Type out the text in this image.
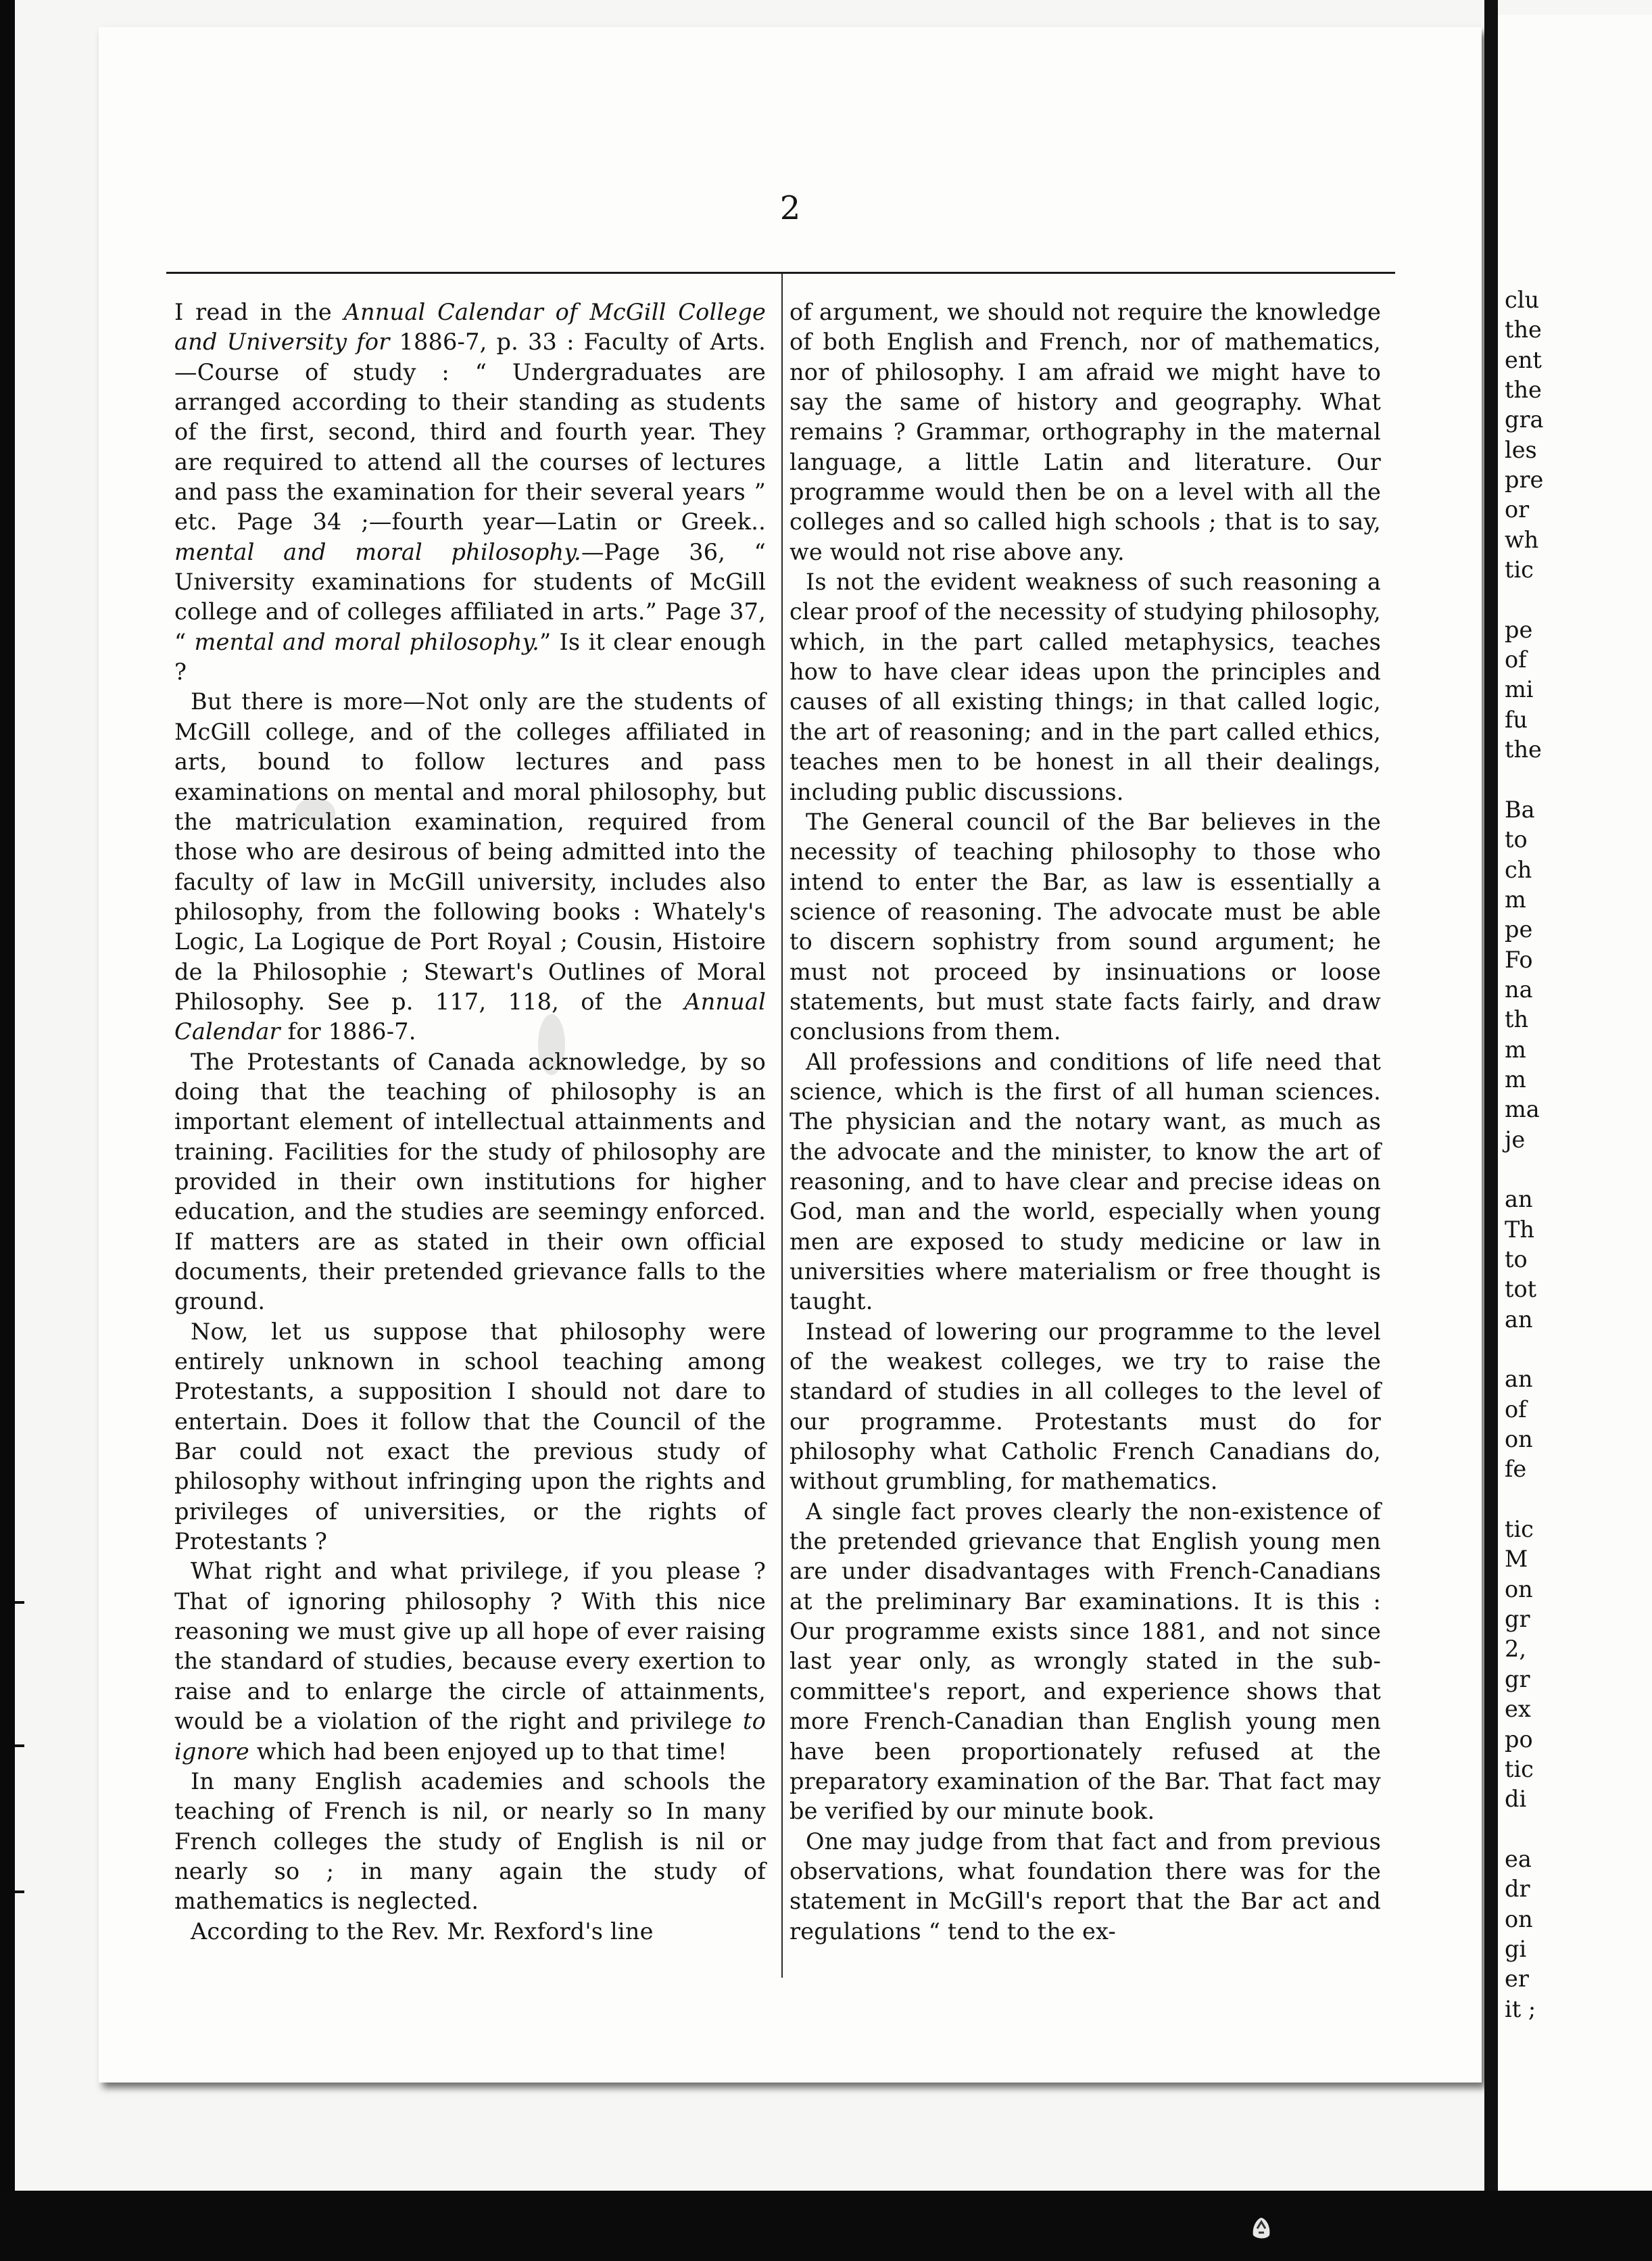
2

I read in the Annual Calendar of McGill College and University for 1886-7, p. 33 : Faculty of Arts.—Course of study : “ Undergraduates are arranged according to their standing as students of the first, second, third and fourth year. They are required to attend all the courses of lectures and pass the examination for their several years ” etc. Page 34 ;—fourth year—Latin or Greek.. mental and moral philosophy.—Page 36, “ University examinations for students of McGill college and of colleges affiliated in arts.” Page 37, “ mental and moral philosophy.” Is it clear enough ?

But there is more—Not only are the students of McGill college, and of the colleges affiliated in arts, bound to follow lectures and pass examinations on mental and moral philosophy, but the matriculation examination, required from those who are desirous of being admitted into the faculty of law in McGill university, includes also philosophy, from the following books : Whately's Logic, La Logique de Port Royal ; Cousin, Histoire de la Philosophie ; Stewart's Outlines of Moral Philosophy. See p. 117, 118, of the Annual Calendar for 1886-7.

The Protestants of Canada acknowledge, by so doing that the teaching of philosophy is an important element of intellectual attainments and training. Facilities for the study of philosophy are provided in their own institutions for higher education, and the studies are seemingy enforced. If matters are as stated in their own official documents, their pretended grievance falls to the ground.

Now, let us suppose that philosophy were entirely unknown in school teaching among Protestants, a supposition I should not dare to entertain. Does it follow that the Council of the Bar could not exact the previous study of philosophy without infringing upon the rights and privileges of universities, or the rights of Protestants ?

What right and what privilege, if you please ? That of ignoring philosophy ? With this nice reasoning we must give up all hope of ever raising the standard of studies, because every exertion to raise and to enlarge the circle of attainments, would be a violation of the right and privilege to ignore which had been enjoyed up to that time!

In many English academies and schools the teaching of French is nil, or nearly so In many French colleges the study of English is nil or nearly so ; in many again the study of mathematics is neglected.

According to the Rev. Mr. Rexford's line

of argument, we should not require the knowledge of both English and French, nor of mathematics, nor of philosophy. I am afraid we might have to say the same of history and geography. What remains ? Grammar, orthography in the maternal language, a little Latin and literature. Our programme would then be on a level with all the colleges and so called high schools ; that is to say, we would not rise above any.

Is not the evident weakness of such reasoning a clear proof of the necessity of studying philosophy, which, in the part called metaphysics, teaches how to have clear ideas upon the principles and causes of all existing things; in that called logic, the art of reasoning; and in the part called ethics, teaches men to be honest in all their dealings, including public discussions.

The General council of the Bar believes in the necessity of teaching philosophy to those who intend to enter the Bar, as law is essentially a science of reasoning. The advocate must be able to discern sophistry from sound argument; he must not proceed by insinuations or loose statements, but must state facts fairly, and draw conclusions from them.

All professions and conditions of life need that science, which is the first of all human sciences. The physician and the notary want, as much as the advocate and the minister, to know the art of reasoning, and to have clear and precise ideas on God, man and the world, especially when young men are exposed to study medicine or law in universities where materialism or free thought is taught.

Instead of lowering our programme to the level of the weakest colleges, we try to raise the standard of studies in all colleges to the level of our programme. Protestants must do for philosophy what Catholic French Canadians do, without grumbling, for mathematics.

A single fact proves clearly the non-existence of the pretended grievance that English young men are under disadvantages with French-Canadians at the preliminary Bar examinations. It is this : Our programme exists since 1881, and not since last year only, as wrongly stated in the sub-committee's report, and experience shows that more French-Canadian than English young men have been proportionately refused at the preparatory examination of the Bar. That fact may be verified by our minute book.

One may judge from that fact and from previous observations, what foundation there was for the statement in McGill's report that the Bar act and regulations “ tend to the ex-

clu
the
ent
the
gra
les
pre
or
wh
tic
pe
of
mi
fu
the
Ba
to
ch
m
pe
Fo
na
th
m
m
ma
je
an
Th
to
tot
an
an
of
on
fe
tic
M
on
gr
2,
gr
ex
po
tic
di
ea
dr
on
gi
er
it ;
